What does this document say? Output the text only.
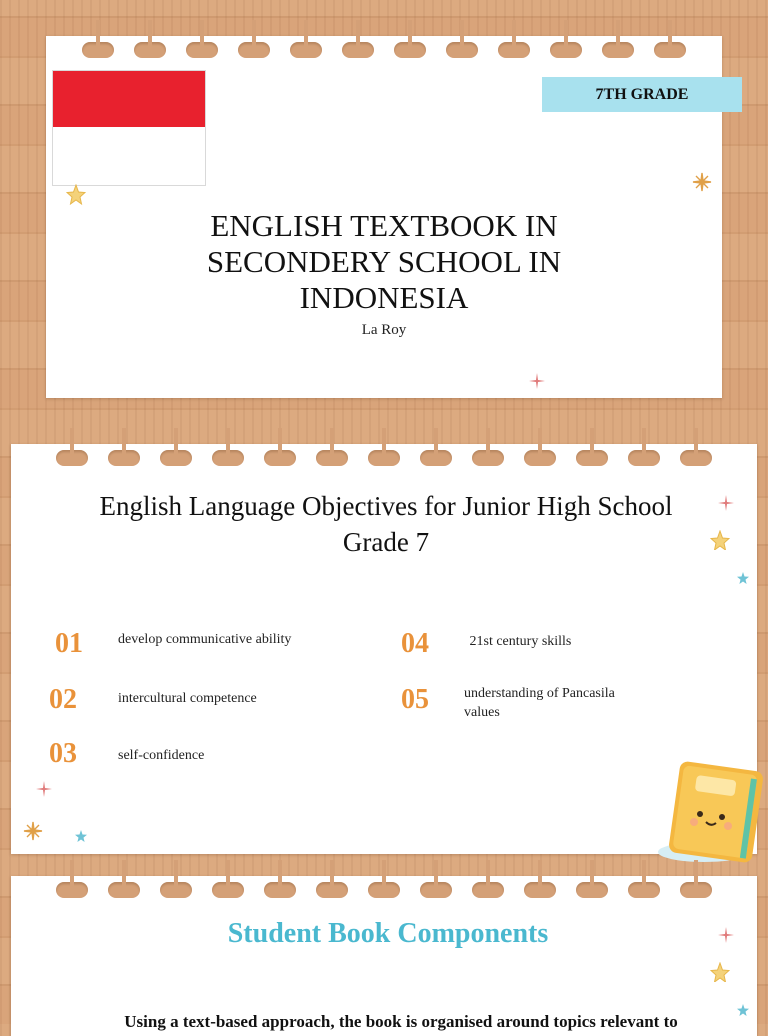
7TH GRADE
ENGLISH TEXTBOOK IN SECONDERY SCHOOL IN INDONESIA
La Roy
English Language Objectives for Junior High School Grade 7
01	develop communicative ability
02	intercultural competence
03	self-confidence
04	21st century skills
05	understanding of Pancasila values
Student Book Components
Using a text-based approach, the book is organised around topics relevant to
